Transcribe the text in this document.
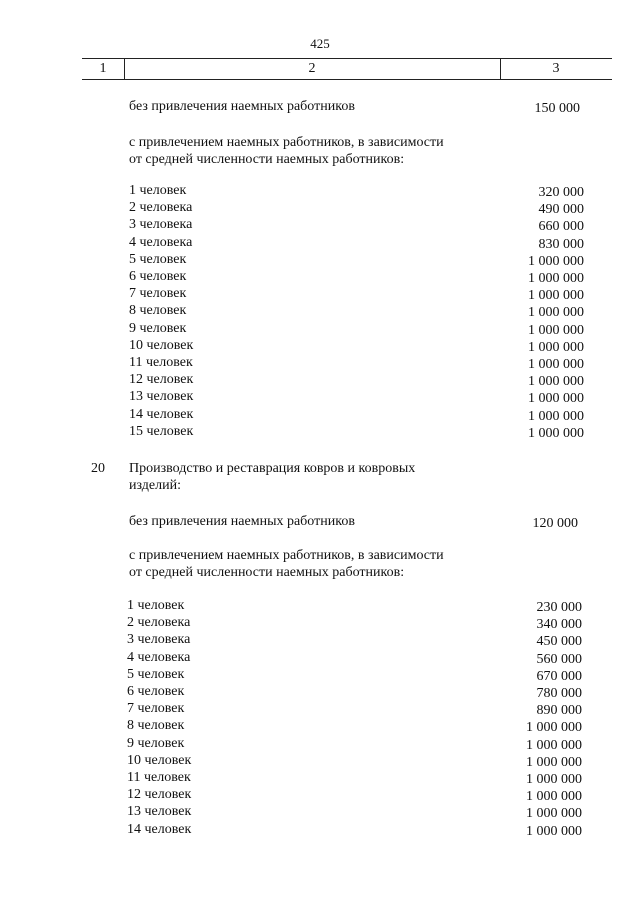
425
1	2	3
без привлечения наемных работников	150 000
с привлечением наемных работников, в зависимости
от средней численности наемных работников:
1 человек	320 000
2 человека	490 000
3 человека	660 000
4 человека	830 000
5 человек	1 000 000
6 человек	1 000 000
7 человек	1 000 000
8 человек	1 000 000
9 человек	1 000 000
10 человек	1 000 000
11 человек	1 000 000
12 человек	1 000 000
13 человек	1 000 000
14 человек	1 000 000
15 человек	1 000 000
20 Производство и реставрация ковров и ковровых
изделий:
без привлечения наемных работников	120 000
с привлечением наемных работников, в зависимости
от средней численности наемных работников:
1 человек	230 000
2 человека	340 000
3 человека	450 000
4 человека	560 000
5 человек	670 000
6 человек	780 000
7 человек	890 000
8 человек	1 000 000
9 человек	1 000 000
10 человек	1 000 000
11 человек	1 000 000
12 человек	1 000 000
13 человек	1 000 000
14 человек	1 000 000
